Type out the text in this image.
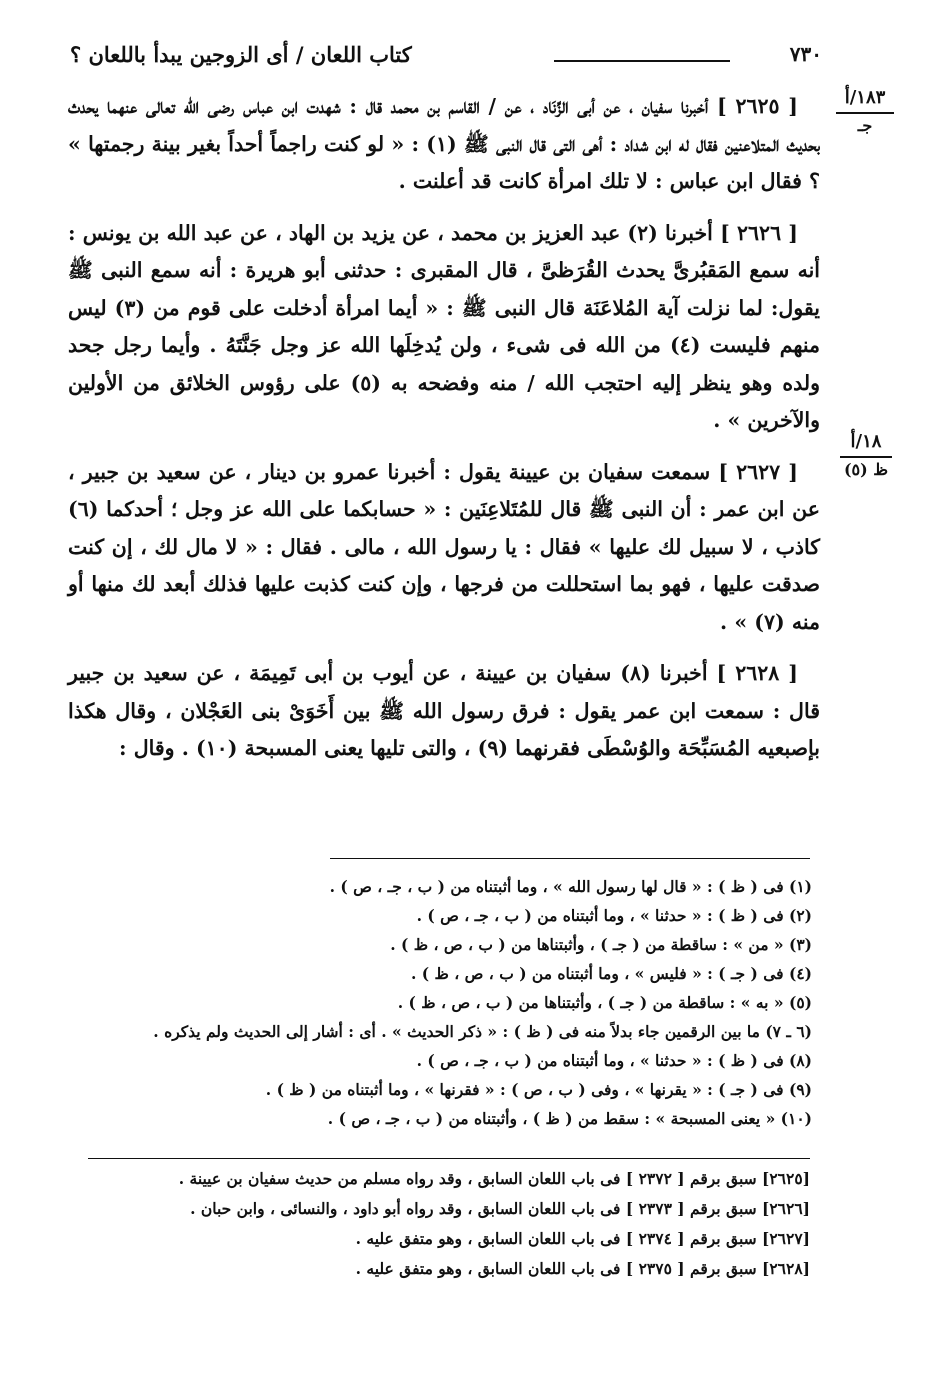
٧٣٠
كتاب اللعان / أى الزوجين يبدأ باللعان ؟
١٨٣/أ
جـ
١٨/أ
ظ (٥)

[ ٢٦٢٥ ] أخبرنا سفيان ، عن أبى الزِّنَاد ، عن / القاسم بن محمد قال : شهدت ابن عباس رضى الله تعالى عنهما يحدث بحديث المتلاعنين فقال له ابن شداد : أهى التى قال النبى ﷺ (١) : « لو كنت راجماً أحداً بغير بينة رجمتها » ؟ فقال ابن عباس : لا تلك امرأة كانت قد أعلنت .

[ ٢٦٢٦ ] أخبرنا (٢) عبد العزيز بن محمد ، عن يزيد بن الهاد ، عن عبد الله بن يونس : أنه سمع المَقبُرىَّ يحدث القُرَظىَّ ، قال المقبرى : حدثنى أبو هريرة : أنه سمع النبى ﷺ يقول: لما نزلت آية المُلاعَنَة قال النبى ﷺ : « أيما امرأة أدخلت على قوم من (٣) ليس منهم فليست (٤) من الله فى شىء ، ولن يُدخِلَها الله عز وجل جَنَّتَهُ . وأيما رجل جحد ولده وهو ينظر إليه احتجب الله / منه وفضحه به (٥) على رؤوس الخلائق من الأولين والآخرين » .

[ ٢٦٢٧ ] سمعت سفيان بن عيينة يقول : أخبرنا عمرو بن دينار ، عن سعيد بن جبير ، عن ابن عمر : أن النبى ﷺ قال للمُتَلاعِنَين : « حسابكما على الله عز وجل ؛ أحدكما (٦) كاذب ، لا سبيل لك عليها » فقال : يا رسول الله ، مالى . فقال : « لا مال لك ، إن كنت صدقت عليها ، فهو بما استحللت من فرجها ، وإن كنت كذبت عليها فذلك أبعد لك منها أو منه (٧) » .

[ ٢٦٢٨ ] أخبرنا (٨) سفيان بن عيينة ، عن أيوب بن أبى تَمِيمَة ، عن سعيد بن جبير قال : سمعت ابن عمر يقول : فرق رسول الله ﷺ بين أَخَوَىْ بنى العَجْلان ، وقال هكذا بإصبعيه المُسَبِّحَة والوُسْطَى فقرنهما (٩) ، والتى تليها يعنى المسبحة (١٠) . وقال :

(١) فى ( ظ ) : « قال لها رسول الله » ، وما أثبتناه من ( ب ، جـ ، ص ) .
(٢) فى ( ظ ) : « حدثنا » ، وما أثبتناه من ( ب ، جـ ، ص ) .
(٣) « من » : ساقطة من ( جـ ) ، وأثبتناها من ( ب ، ص ، ظ ) .
(٤) فى ( جـ ) : « فليس » ، وما أثبتناه من ( ب ، ص ، ظ ) .
(٥) « به » : ساقطة من ( جـ ) ، وأثبتناها من ( ب ، ص ، ظ ) .
(٦ ـ ٧) ما بين الرقمين جاء بدلاً منه فى ( ظ ) : « ذكر الحديث » . أى : أشار إلى الحديث ولم يذكره .
(٨) فى ( ظ ) : « حدثنا » ، وما أثبتناه من ( ب ، جـ ، ص ) .
(٩) فى ( جـ ) : « يقرنها » ، وفى ( ب ، ص ) : « فقرنها » ، وما أثبتناه من ( ظ ) .
(١٠) « يعنى المسبحة » : سقط من ( ظ ) ، وأثبتناه من ( ب ، جـ ، ص ) .
[٢٦٢٥] سبق برقم [ ٢٣٧٢ ] فى باب اللعان السابق ، وقد رواه مسلم من حديث سفيان بن عيينة .
[٢٦٢٦] سبق برقم [ ٢٣٧٣ ] فى باب اللعان السابق ، وقد رواه أبو داود ، والنسائى ، وابن حبان .
[٢٦٢٧] سبق برقم [ ٢٣٧٤ ] فى باب اللعان السابق ، وهو متفق عليه .
[٢٦٢٨] سبق برقم [ ٢٣٧٥ ] فى باب اللعان السابق ، وهو متفق عليه .
